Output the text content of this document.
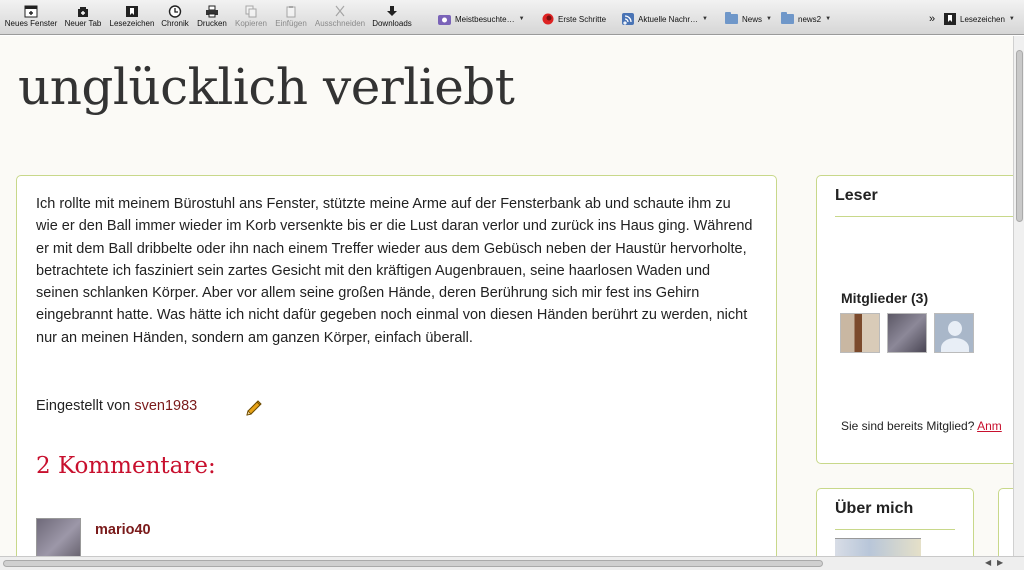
Neues Fenster Neuer Tab	Lesezeichen Chronik	Drucken	Kopieren	Einfügen	Ausschneiden Downloads	Meistbesuchte… ▼	Erste Schritte	Aktuelle Nachr… ▼	News ▼	news2 ▼	»	Lesezeichen ▼
unglücklich verliebt

Ich rollte mit meinem Bürostuhl ans Fenster, stützte meine Arme auf der Fensterbank ab und schaute ihm zu wie er den Ball immer wieder im Korb versenkte bis er die Lust daran verlor und zurück ins Haus ging. Während er mit dem Ball dribbelte oder ihn nach einem Treffer wieder aus dem Gebüsch neben der Haustür hervorholte, betrachtete ich fasziniert sein zartes Gesicht mit den kräftigen Augenbrauen, seine haarlosen Waden und seinen schlanken Körper. Aber vor allem seine großen Hände, deren Berührung sich mir fest ins Gehirn eingebrannt hatte. Was hätte ich nicht dafür gegeben noch einmal von diesen Händen berührt zu werden, nicht nur an meinen Händen, sondern am ganzen Körper, einfach überall.

Eingestellt von sven1983
2 Kommentare:
mario40
Leser
Mitglieder (3)
Sie sind bereits Mitglied? Anm
Über mich
◀ ▶
